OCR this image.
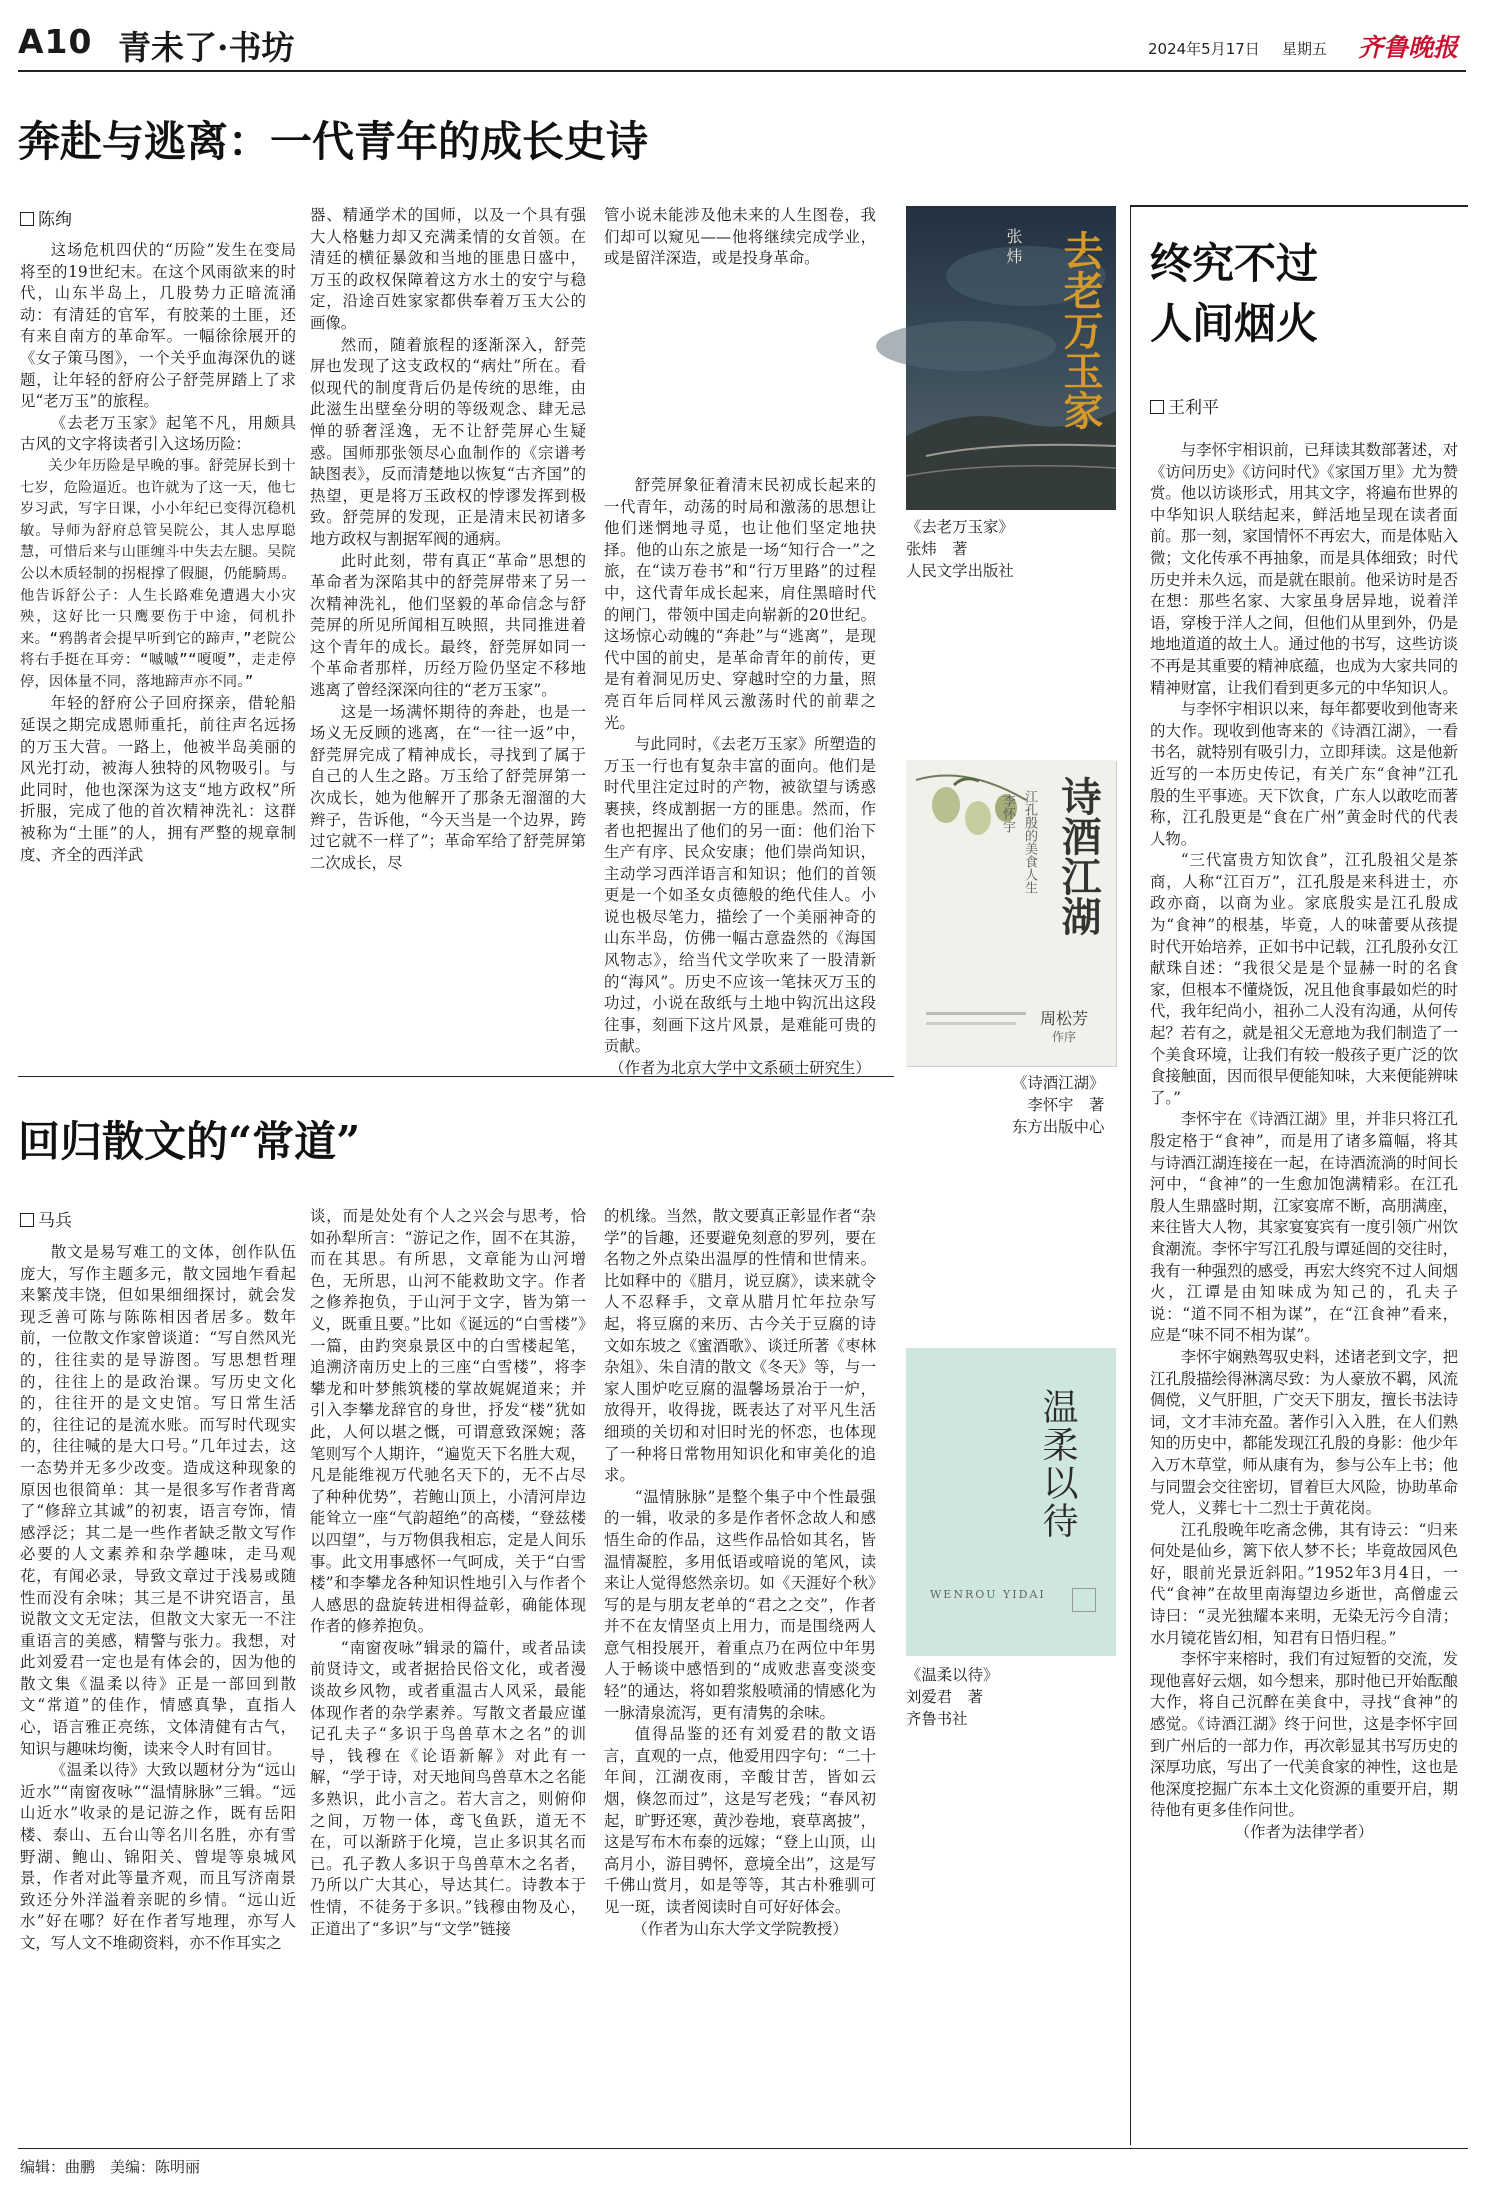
A10 青未了·书坊	2024年5月17日 星期五 齐鲁晚报
奔赴与逃离：一代青年的成长史诗
陈绚

这场危机四伏的“历险”发生在变局将至的19世纪末。在这个风雨欲来的时代，山东半岛上，几股势力正暗流涌动：有清廷的官军，有胶莱的土匪，还有来自南方的革命军。一幅徐徐展开的《女子策马图》，一个关乎血海深仇的谜题，让年轻的舒府公子舒莞屏踏上了求见“老万玉”的旅程。

《去老万玉家》起笔不凡，用颇具古风的文字将读者引入这场历险：

关少年历险是早晚的事。舒莞屏长到十七岁，危险逼近。也许就为了这一天，他七岁习武，写字日课，小小年纪已变得沉稳机敏。导师为舒府总管吴院公，其人忠厚聪慧，可惜后来与山匪缠斗中失去左腿。吴院公以木质轻制的拐棍撑了假腿，仍能騎馬。他告诉舒公子：人生长路难免遭遇大小灾殃，这好比一只鹰要伤于中途，伺机扑来。“鸦鹊者会提早听到它的蹄声，”老院公将右手挺在耳旁：“嘁嘁”“嗄嗄”，走走停停，因体量不同，落地蹄声亦不同。”

年轻的舒府公子回府探亲，借轮船延误之期完成恩师重托，前往声名远扬的万玉大营。一路上，他被半岛美丽的风光打动，被海人独特的风物吸引。与此同时，他也深深为这支“地方政权”所折服，完成了他的首次精神洗礼：这群被称为“土匪”的人，拥有严整的规章制度、齐全的西洋武

器、精通学术的国师，以及一个具有强大人格魅力却又充满柔情的女首领。在清廷的横征暴敛和当地的匪患日盛中，万玉的政权保障着这方水土的安宁与稳定，沿途百姓家家都供奉着万玉大公的画像。

然而，随着旅程的逐渐深入，舒莞屏也发现了这支政权的“病灶”所在。看似现代的制度背后仍是传统的思维，由此滋生出壁垒分明的等级观念、肆无忌惮的骄奢淫逸，无不让舒莞屏心生疑惑。国师那张领尽心血制作的《宗谱考缺图表》，反而清楚地以恢复“古齐国”的热望，更是将万玉政权的悖谬发挥到极致。舒莞屏的发现，正是清末民初诸多地方政权与割据军阀的通病。

此时此刻，带有真正“革命”思想的革命者为深陷其中的舒莞屏带来了另一次精神洗礼，他们坚毅的革命信念与舒莞屏的所见所闻相互映照，共同推进着这个青年的成长。最终，舒莞屏如同一个革命者那样，历经万险仍坚定不移地逃离了曾经深深向往的“老万玉家”。

这是一场满怀期待的奔赴，也是一场义无反顾的逃离，在“一往一返”中，舒莞屏完成了精神成长，寻找到了属于自己的人生之路。万玉给了舒莞屏第一次成长，她为他解开了那条无溜溜的大辫子，告诉他，“今天当是一个边界，跨过它就不一样了”；革命军给了舒莞屏第二次成长，尽

管小说未能涉及他未来的人生图卷，我们却可以窥见——他将继续完成学业，或是留洋深造，或是投身革命。

舒莞屏象征着清末民初成长起来的一代青年，动荡的时局和激荡的思想让他们迷惘地寻觅，也让他们坚定地抉择。他的山东之旅是一场“知行合一”之旅，在“读万卷书”和“行万里路”的过程中，这代青年成长起来，肩住黑暗时代的闸门，带领中国走向崭新的20世纪。这场惊心动魄的“奔赴”与“逃离”，是现代中国的前史，是革命青年的前传，更是有着洞见历史、穿越时空的力量，照亮百年后同样风云激荡时代的前辈之光。

与此同时，《去老万玉家》所塑造的万玉一行也有复杂丰富的面向。他们是时代里注定过时的产物，被欲望与诱惑裹挟，终成割据一方的匪患。然而，作者也把握出了他们的另一面：他们治下生产有序、民众安康；他们崇尚知识，主动学习西洋语言和知识；他们的首领更是一个如圣女贞德般的绝代佳人。小说也极尽笔力，描绘了一个美丽神奇的山东半岛，仿佛一幅古意盎然的《海国风物志》，给当代文学吹来了一股清新的“海风”。历史不应该一笔抹灭万玉的功过，小说在敌纸与土地中钩沉出这段往事，刻画下这片风景，是难能可贵的贡献。

（作者为北京大学中文系硕士研究生）

去老万玉家
张炜
《去老万玉家》
张炜　著
人民文学出版社
诗酒江湖
江孔殷的美食人生
李怀宇
周松芳
作序
《诗酒江湖》
李怀宇　著
东方出版中心
终究不过
人间烟火
王利平

与李怀宇相识前，已拜读其数部著述，对《访问历史》《访问时代》《家国万里》尤为赞赏。他以访谈形式，用其文字，将遍布世界的中华知识人联结起来，鲜活地呈现在读者面前。那一刻，家国情怀不再宏大，而是体贴入微；文化传承不再抽象，而是具体细致；时代历史并未久远，而是就在眼前。他采访时是否在想：那些名家、大家虽身居异地，说着洋语，穿梭于洋人之间，但他们从里到外，仍是地地道道的故土人。通过他的书写，这些访谈不再是其重要的精神底蕴，也成为大家共同的精神财富，让我们看到更多元的中华知识人。

与李怀宇相识以来，每年都要收到他寄来的大作。现收到他寄来的《诗酒江湖》，一看书名，就特别有吸引力，立即拜读。这是他新近写的一本历史传记，有关广东“食神”江孔殷的生平事迹。天下饮食，广东人以敢吃而著称，江孔殷更是“食在广州”黄金时代的代表人物。

“三代富贵方知饮食”，江孔殷祖父是茶商，人称“江百万”，江孔殷是来科进士，亦政亦商，以商为业。家底殷实是江孔殷成为“食神”的根基，毕竟，人的味蕾要从孩提时代开始培养，正如书中记载，江孔殷孙女江献珠自述：“我很父是是个显赫一时的名食家，但根本不懂烧饭，况且他食事最如烂的时代，我年纪尚小，祖孙二人没有沟通，从何传起？若有之，就是祖父无意地为我们制造了一个美食环境，让我们有较一般孩子更广泛的饮食接触面，因而很早便能知味，大来便能辨味了。”

李怀宇在《诗酒江湖》里，并非只将江孔殷定格于“食神”，而是用了诸多篇幅，将其与诗酒江湖连接在一起，在诗酒流淌的时间长河中，“食神”的一生愈加饱满精彩。在江孔殷人生鼎盛时期，江家宴席不断，高朋满座，来往皆大人物，其家宴宴宾有一度引领广州饮食潮流。李怀宇写江孔殷与谭延闿的交往时，我有一种强烈的感受，再宏大终究不过人间烟火，江谭是由知味成为知己的，孔夫子说：“道不同不相为谋”，在“江食神”看来，应是“味不同不相为谋”。

李怀宇娴熟驾驭史料，述诸老到文字，把江孔殷描绘得淋漓尽致：为人豪放不羁，风流倜傥，义气肝胆，广交天下朋友，擅长书法诗词，文才丰沛充盈。著作引入入胜，在人们熟知的历史中，都能发现江孔殷的身影：他少年入万木草堂，师从康有为，参与公车上书；他与同盟会交往密切，冒着巨大风险，协助革命党人，义葬七十二烈士于黄花岗。

江孔殷晚年吃斋念佛，其有诗云：“归来何处是仙乡，篱下依人梦不长；毕竟故园风色好，眼前光景近斜阳。”1952年3月4日，一代“食神”在故里南海望边乡逝世，高僧虚云诗曰：“灵光独耀本来明，无染无污今自清；水月镜花皆幻相，知君有日悟归程。”

李怀宇来榕时，我们有过短暂的交流，发现他喜好云烟，如今想来，那时他已开始酝酿大作，将自己沉醉在美食中，寻找“食神”的感觉。《诗酒江湖》终于问世，这是李怀宇回到广州后的一部力作，再次彰显其书写历史的深厚功底，写出了一代美食家的神性，这也是他深度挖掘广东本土文化资源的重要开启，期待他有更多佳作问世。

（作者为法律学者）

回归散文的“常道”
马兵

散文是易写难工的文体，创作队伍庞大，写作主题多元，散文园地乍看起来繁茂丰饶，但如果细细探讨，就会发现乏善可陈与陈陈相因者居多。数年前，一位散文作家曾谈道：“写自然风光的，往往卖的是导游图。写思想哲理的，往往上的是政治课。写历史文化的，往往开的是文史馆。写日常生活的，往往记的是流水账。而写时代现实的，往往喊的是大口号。”几年过去，这一态势并无多少改变。造成这种现象的原因也很简单：其一是很多写作者背离了“修辞立其诚”的初衷，语言夸饰，情感浮泛；其二是一些作者缺乏散文写作必要的人文素养和杂学趣味，走马观花，有闻必录，导致文章过于浅易或随性而没有余味；其三是不讲究语言，虽说散文文无定法，但散文大家无一不注重语言的美感，精警与张力。我想，对此刘爱君一定也是有体会的，因为他的散文集《温柔以待》正是一部回到散文“常道”的佳作，情感真挚，直指人心，语言雅正亮练，文体清健有古气，知识与趣味均衡，读来令人时有回甘。

《温柔以待》大致以题材分为“远山近水”“南窗夜咏”“温情脉脉”三辑。“远山近水”收录的是记游之作，既有岳阳楼、泰山、五台山等名川名胜，亦有雪野湖、鲍山、锦阳关、曾堤等泉城风景，作者对此等量齐观，而且写济南景致还分外洋溢着亲昵的乡情。“远山近水”好在哪？好在作者写地理，亦写人文，写人文不堆砌资料，亦不作耳实之

谈，而是处处有个人之兴会与思考，恰如孙犁所言：“游记之作，固不在其游，而在其思。有所思，文章能为山河增色，无所思，山河不能救助文字。作者之修养抱负，于山河于文字，皆为第一义，既重且要。”比如《诞远的“白雪楼”》一篇，由趵突泉景区中的白雪楼起笔，追溯济南历史上的三座“白雪楼”，将李攀龙和叶梦熊筑楼的掌故娓娓道来；并引入李攀龙辞官的身世，抒发“楼”犹如此，人何以堪之慨，可谓意致深婉；落笔则写个人期许，“遍览天下名胜大观，凡是能维视万代驰名天下的，无不占尽了种种优势”，若鲍山顶上，小清河岸边能耸立一座“气韵超绝”的高楼，“登兹楼以四望”，与万物俱我相忘，定是人间乐事。此文用事感怀一气呵成，关于“白雪楼”和李攀龙各种知识性地引入与作者个人感思的盘旋转进相得益彰，确能体现作者的修养抱负。

“南窗夜咏”辑录的篇什，或者品读前贤诗文，或者据拾民俗文化，或者漫谈故乡风物，或者重温古人风采，最能体现作者的杂学素养。写散文者最应谨记孔夫子“多识于鸟兽草木之名”的训导，钱穆在《论语新解》对此有一解，“学于诗，对天地间鸟兽草木之名能多熟识，此小言之。若大言之，则俯仰之间，万物一体，鸢飞鱼跃，道无不在，可以渐跻于化境，岂止多识其名而已。孔子教人多识于鸟兽草木之名者，乃所以广大其心，导达其仁。诗教本于性情，不徒务于多识。”钱穆由物及心，正道出了“多识”与“文学”链接

的机缘。当然，散文要真正彰显作者“杂学”的旨趣，还要避免刻意的罗列，要在名物之外点染出温厚的性情和世情来。比如释中的《腊月，说豆腐》，读来就令人不忍释手，文章从腊月忙年拉杂写起，将豆腐的来历、古今关于豆腐的诗文如东坡之《蜜酒歌》、谈迁所著《枣林杂俎》、朱自清的散文《冬天》等，与一家人围炉吃豆腐的温馨场景冶于一炉，放得开，收得拢，既表达了对平凡生活细琐的关切和对旧时光的怀恋，也体现了一种将日常物用知识化和审美化的追求。

“温情脉脉”是整个集子中个性最强的一辑，收录的多是作者怀念故人和感悟生命的作品，这些作品恰如其名，皆温情凝腔，多用低语或喑说的笔风，读来让人觉得悠然亲切。如《天涯好个秋》写的是与朋友老单的“君之之交”，作者并不在友情坚贞上用力，而是围绕两人意气相投展开，着重点乃在两位中年男人于畅谈中感悟到的“成败悲喜变淡变轻”的通达，将如碧浆般喷涌的情感化为一脉清泉流泻，更有清隽的余味。

值得品鉴的还有刘爱君的散文语言，直观的一点，他爱用四字句：“二十年间，江湖夜雨，辛酸甘苦，皆如云烟，倏忽而过”，这是写老残；“春风初起，旷野还寒，黄沙卷地，衰草离披”，这是写布木布泰的远嫁；“登上山顶，山高月小，游目骋怀，意境全出”，这是写千佛山赏月，如是等等，其古朴雅驯可见一斑，读者阅读时自可好好体会。

（作者为山东大学文学院教授）

温柔以待
WENROU YIDAI
《温柔以待》
刘爱君　著
齐鲁书社
编辑：曲鹏 美编：陈明丽
